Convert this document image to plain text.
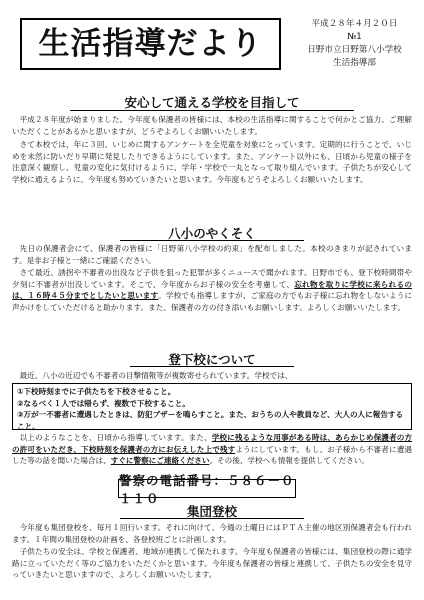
生活指導だより
平成２８年４月２０日
№1
日野市立日野第八小学校
生活指導部
安心して通える学校を目指して

平成２８年度が始まりました。今年度も保護者の皆様には、本校の生活指導に関することで何かとご協力、ご理解いただくことがあるかと思いますが、どうぞよろしくお願いいたします。

さて本校では、年に３回、いじめに関するアンケートを全児童を対象にとっています。定期的に行うことで、いじめを未然に防いだり早期に発見したりできるようにしています。また、アンケート以外にも、日頃から児童の様子を注意深く観察し、児童の変化に気付けるように、学年・学校で一丸となって取り組んでいます。子供たちが安心して学校に通えるように、今年度も努めていきたいと思います。今年度もどうぞよろしくお願いいたします。

八小のやくそく

先日の保護者会にて、保護者の皆様に「日野第八小学校の約束」を配布しました。本校のきまりが記されています。是非お子様と一緒にご確認ください。

さて最近、誘拐や不審者の出没など子供を狙った犯罪が多くニュースで聞かれます。日野市でも、登下校時間帯や夕刻に不審者が出没しています。そこで、今年度からお子様の安全を考慮して、忘れ物を取りに学校に来られるのは、１６時４５分までとしたいと思います。学校でも指導しますが、ご家庭の方でもお子様に忘れ物をしないように声かけをしていただけると助かります。また、保護者の方の付き添いもお願いします。よろしくお願いいたします。

登下校について

最近、八小の近辺でも不審者の目撃情報等が複数寄せられています。学校では、

①下校時刻までに子供たちを下校させること。
②なるべく１人では帰らず、複数で下校すること。
③万が一不審者に遭遇したときは、防犯ブザーを鳴らすこと。また、おうちの人や教員など、大人の人に報告すること。

以上のようなことを、日頃から指導しています。また、学校に残るような用事がある時は、あらかじめ保護者の方の許可をいただき、下校時刻を保護者の方にお伝えした上で残すようにしています。もし、お子様から不審者に遭遇した等の話を聞いた場合は、すぐに警察にご連絡ください。その後、学校へも情報を提供してください。

警察の電話番号：５８６－０１１０
集団登校

今年度も集団登校を、毎月１回行います。それに向けて、今週の土曜日にはＰＴＡ主催の地区別保護者会も行われます。１年間の集団登校の計画を、各登校班ごとに計画します。

子供たちの安全は、学校と保護者、地域が連携して保たれます。今年度も保護者の皆様には、集団登校の際に通学路に立っていただく等のご協力をいただくかと思います。今年度も保護者の皆様と連携して、子供たちの安全を見守っていきたいと思いますので、よろしくお願いいたします。
